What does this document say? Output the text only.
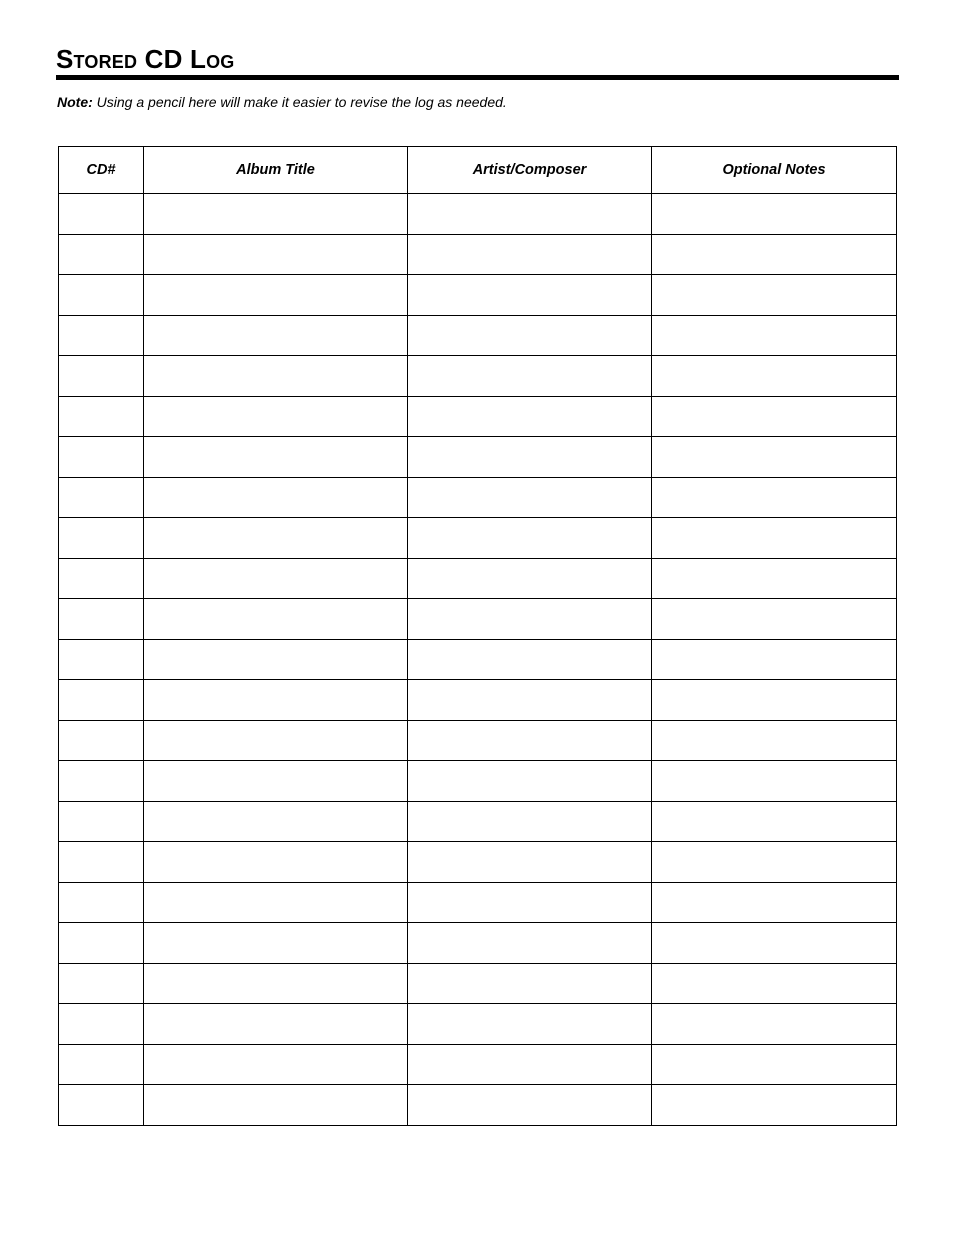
Stored CD Log
Note: Using a pencil here will make it easier to revise the log as needed.
CD#	Album Title	Artist/Composer	Optional Notes
